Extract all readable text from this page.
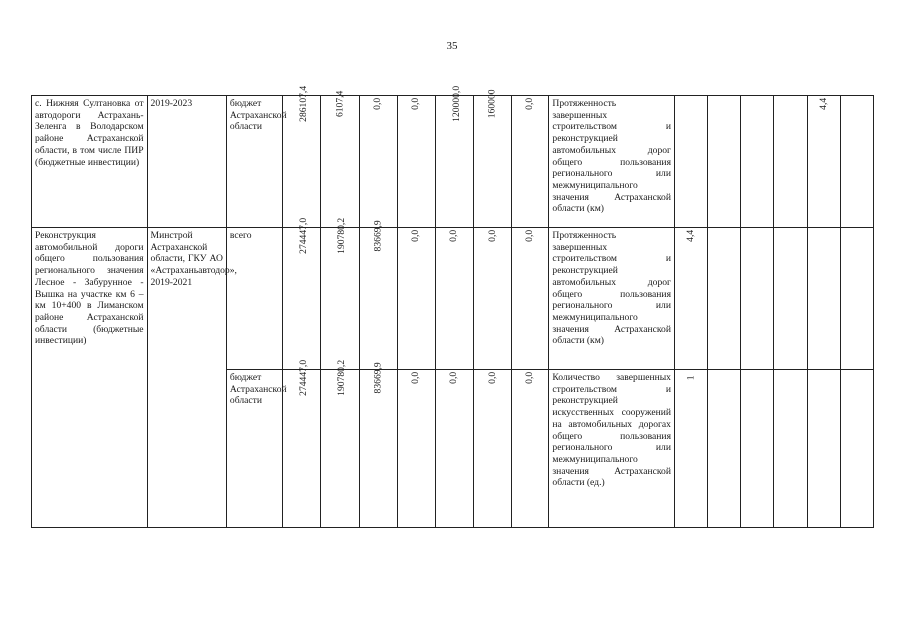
35
с. Нижняя Султановка от автодороги Астрахань-Зеленга в Володарском районе Астраханской области, в том числе ПИР (бюджетные инвестиции)	2019-2023	бюджет Астраханской области	286107,4	6107,4	0,0	0,0	120000,0	160000	0,0	Протяженность завершенных строительством и реконструкцией автомобильных дорог общего пользования регионального или межмуниципального значения Астраханской области (км)					4,4	
Реконструкция автомобильной дороги общего пользования регионального значения Лесное - Забурунное - Вышка на участке км 6 – км 10+400 в Лиманском районе Астраханской области (бюджетные инвестиции)	Минстрой Астраханской области, ГКУ АО «Астраханьавтодор», 2019-2021	всего	274447,0	190780,2	83669,9	0,0	0,0	0,0	0,0	Протяженность завершенных строительством и реконструкцией автомобильных дорог общего пользования регионального или межмуниципального значения Астраханской области (км)	4,4					
		бюджет Астраханской области	274447,0	190780,2	83669,9	0,0	0,0	0,0	0,0	Количество завершенных строительством и реконструкцией искусственных сооружений на автомобильных дорогах общего пользования регионального или межмуниципального значения Астраханской области (ед.)	1					
